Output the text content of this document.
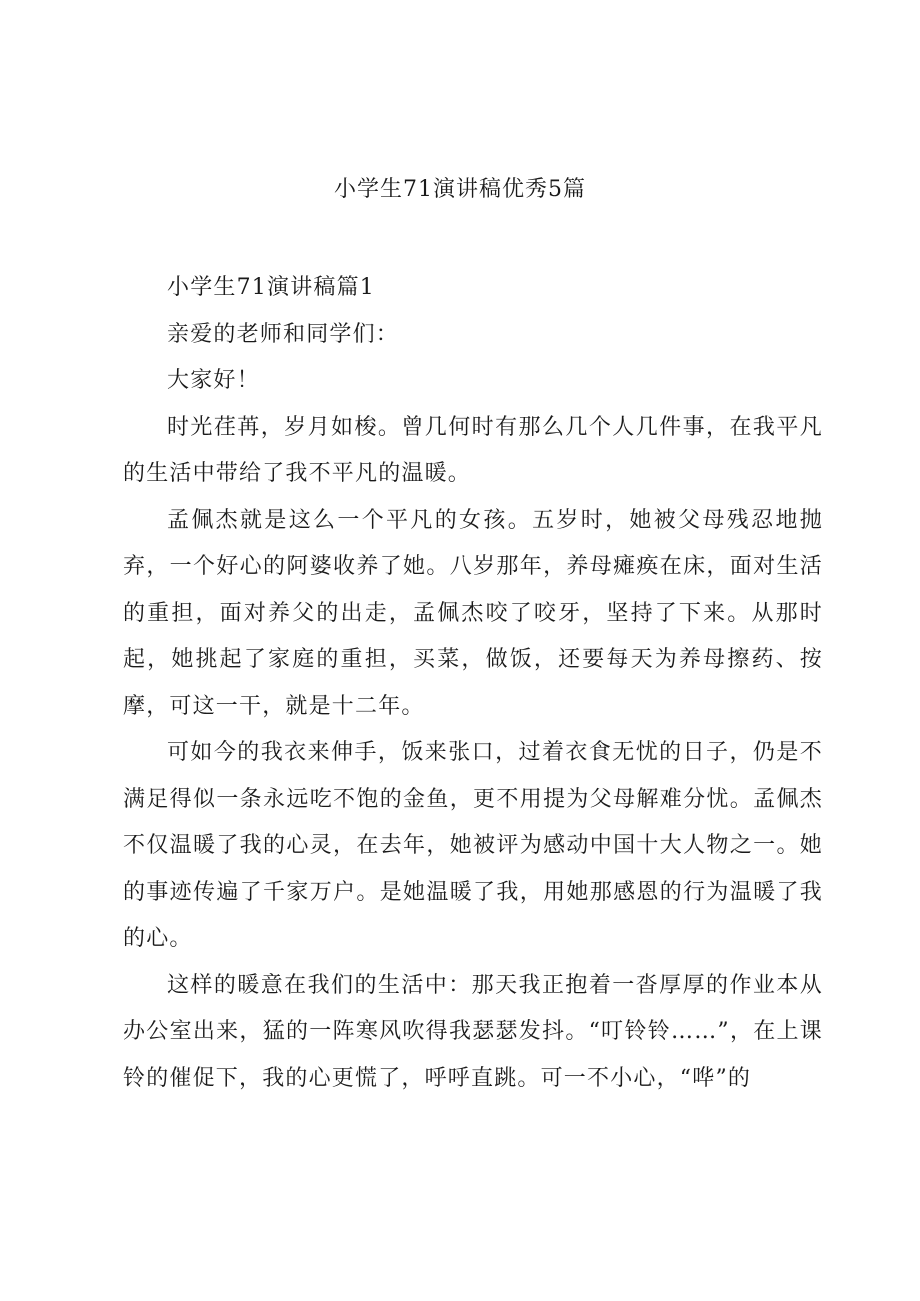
小学生71演讲稿优秀5篇

小学生71演讲稿篇1

亲爱的老师和同学们：

大家好！

时光荏苒，岁月如梭。曾几何时有那么几个人几件事，在我平凡的生活中带给了我不平凡的温暖。

孟佩杰就是这么一个平凡的女孩。五岁时，她被父母残忍地抛弃，一个好心的阿婆收养了她。八岁那年，养母瘫痪在床，面对生活的重担，面对养父的出走，孟佩杰咬了咬牙，坚持了下来。从那时起，她挑起了家庭的重担，买菜，做饭，还要每天为养母擦药、按摩，可这一干，就是十二年。

可如今的我衣来伸手，饭来张口，过着衣食无忧的日子，仍是不满足得似一条永远吃不饱的金鱼，更不用提为父母解难分忧。孟佩杰不仅温暖了我的心灵，在去年，她被评为感动中国十大人物之一。她的事迹传遍了千家万户。是她温暖了我，用她那感恩的行为温暖了我的心。

这样的暖意在我们的生活中：那天我正抱着一沓厚厚的作业本从办公室出来，猛的一阵寒风吹得我瑟瑟发抖。“叮铃铃……”，在上课铃的催促下，我的心更慌了，呼呼直跳。可一不小心，“哗”的
